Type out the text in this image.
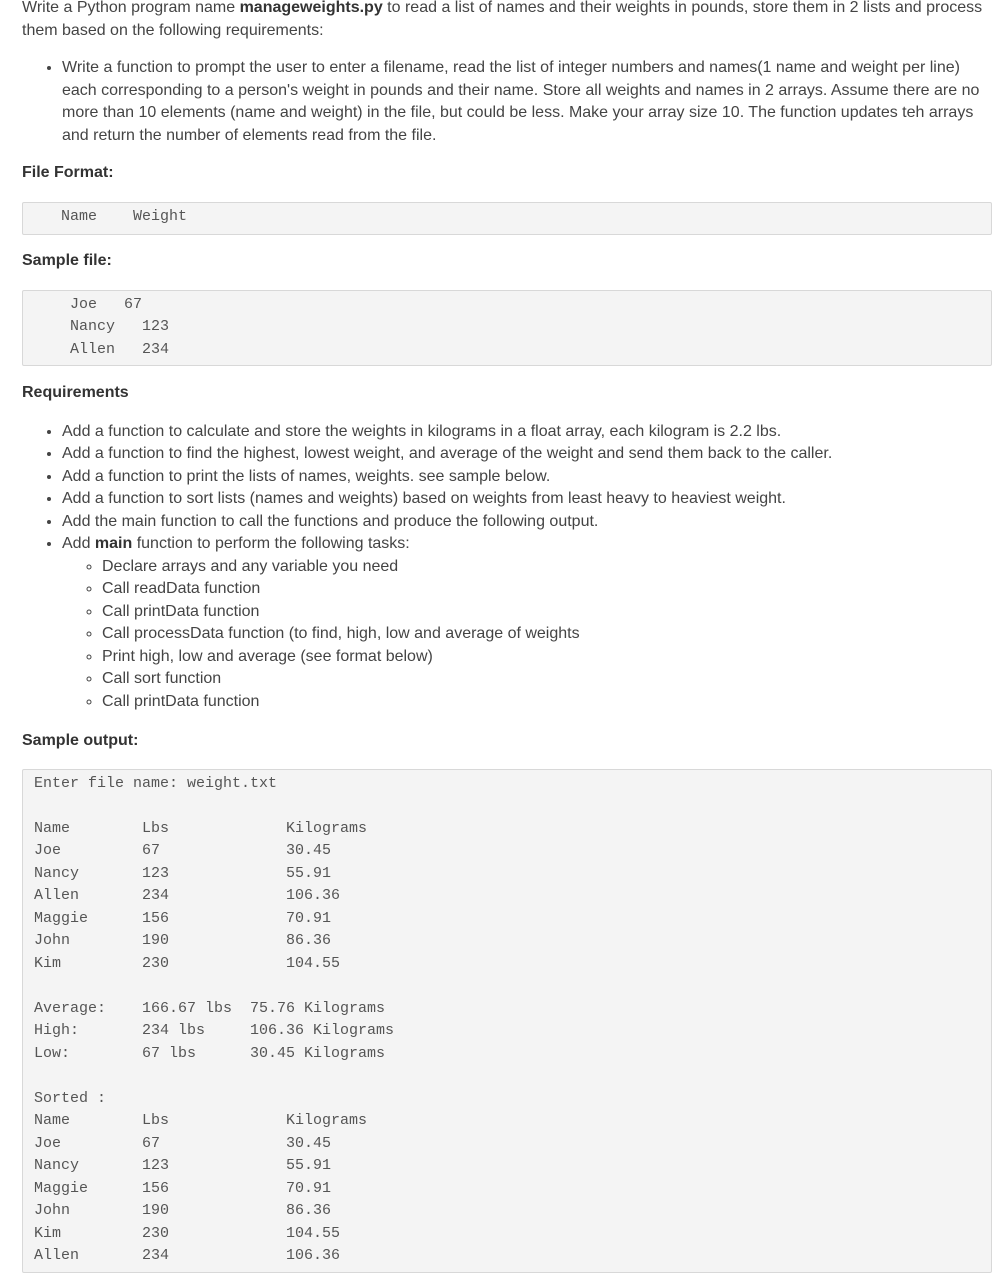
Write a Python program name manageweights.py to read a list of names and their weights in pounds, store them in 2 lists and process them based on the following requirements:

• Write a function to prompt the user to enter a filename, read the list of integer numbers and names(1 name and weight per line) each corresponding to a person's weight in pounds and their name. Store all weights and names in 2 arrays. Assume there are no more than 10 elements (name and weight) in the file, but could be less. Make your array size 10. The function updates teh arrays and return the number of elements read from the file.
File Format:
Name    Weight
Sample file:
Joe   67
Nancy   123
Allen   234
Requirements
• Add a function to calculate and store the weights in kilograms in a float array, each kilogram is 2.2 lbs.
• Add a function to find the highest, lowest weight, and average of the weight and send them back to the caller.
• Add a function to print the lists of names, weights. see sample below.
• Add a function to sort lists (names and weights) based on weights from least heavy to heaviest weight.
• Add the main function to call the functions and produce the following output.
• Add main function to perform the following tasks:
◦ Declare arrays and any variable you need
◦ Call readData function
◦ Call printData function
◦ Call processData function (to find, high, low and average of weights
◦ Print high, low and average (see format below)
◦ Call sort function
◦ Call printData function
Sample output:
Enter file name: weight.txt
Name        Lbs             Kilograms
Joe         67              30.45
Nancy       123             55.91
Allen       234             106.36
Maggie      156             70.91
John        190             86.36
Kim         230             104.55
Average:    166.67 lbs  75.76 Kilograms
High:       234 lbs     106.36 Kilograms
Low:        67 lbs      30.45 Kilograms
Sorted :
Name        Lbs             Kilograms
Joe         67              30.45
Nancy       123             55.91
Maggie      156             70.91
John        190             86.36
Kim         230             104.55
Allen       234             106.36
